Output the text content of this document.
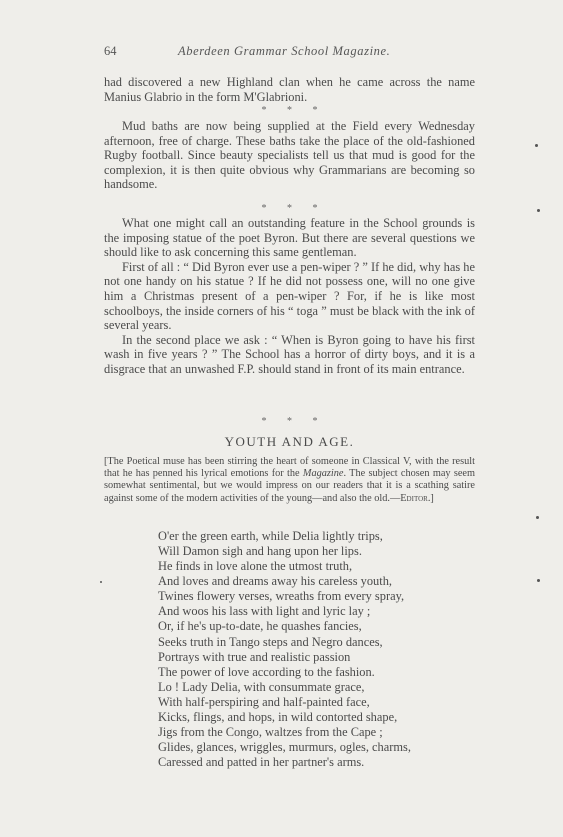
64	Aberdeen Grammar School Magazine.

had discovered a new Highland clan when he came across the name Manius Glabrio in the form M'Glabrioni.

* * *

Mud baths are now being supplied at the Field every Wednesday afternoon, free of charge. These baths take the place of the old-fashioned Rugby football. Since beauty specialists tell us that mud is good for the complexion, it is then quite obvious why Grammarians are becoming so handsome.

* * *

What one might call an outstanding feature in the School grounds is the imposing statue of the poet Byron. But there are several questions we should like to ask concerning this same gentleman.

First of all : “ Did Byron ever use a pen-wiper ? ” If he did, why has he not one handy on his statue ? If he did not possess one, will no one give him a Christmas present of a pen-wiper ? For, if he is like most schoolboys, the inside corners of his “ toga ” must be black with the ink of several years.

In the second place we ask : “ When is Byron going to have his first wash in five years ? ” The School has a horror of dirty boys, and it is a disgrace that an unwashed F.P. should stand in front of its main entrance.

* * *
YOUTH AND AGE.

[The Poetical muse has been stirring the heart of someone in Classical V, with the result that he has penned his lyrical emotions for the Magazine. The subject chosen may seem somewhat sentimental, but we would impress on our readers that it is a scathing satire against some of the modern activities of the young—and also the old.—Editor.]

O'er the green earth, while Delia lightly trips,
Will Damon sigh and hang upon her lips.
He finds in love alone the utmost truth,
And loves and dreams away his careless youth,
Twines flowery verses, wreaths from every spray,
And woos his lass with light and lyric lay ;
Or, if he's up-to-date, he quashes fancies,
Seeks truth in Tango steps and Negro dances,
Portrays with true and realistic passion
The power of love according to the fashion.
Lo ! Lady Delia, with consummate grace,
With half-perspiring and half-painted face,
Kicks, flings, and hops, in wild contorted shape,
Jigs from the Congo, waltzes from the Cape ;
Glides, glances, wriggles, murmurs, ogles, charms,
Caressed and patted in her partner's arms.
